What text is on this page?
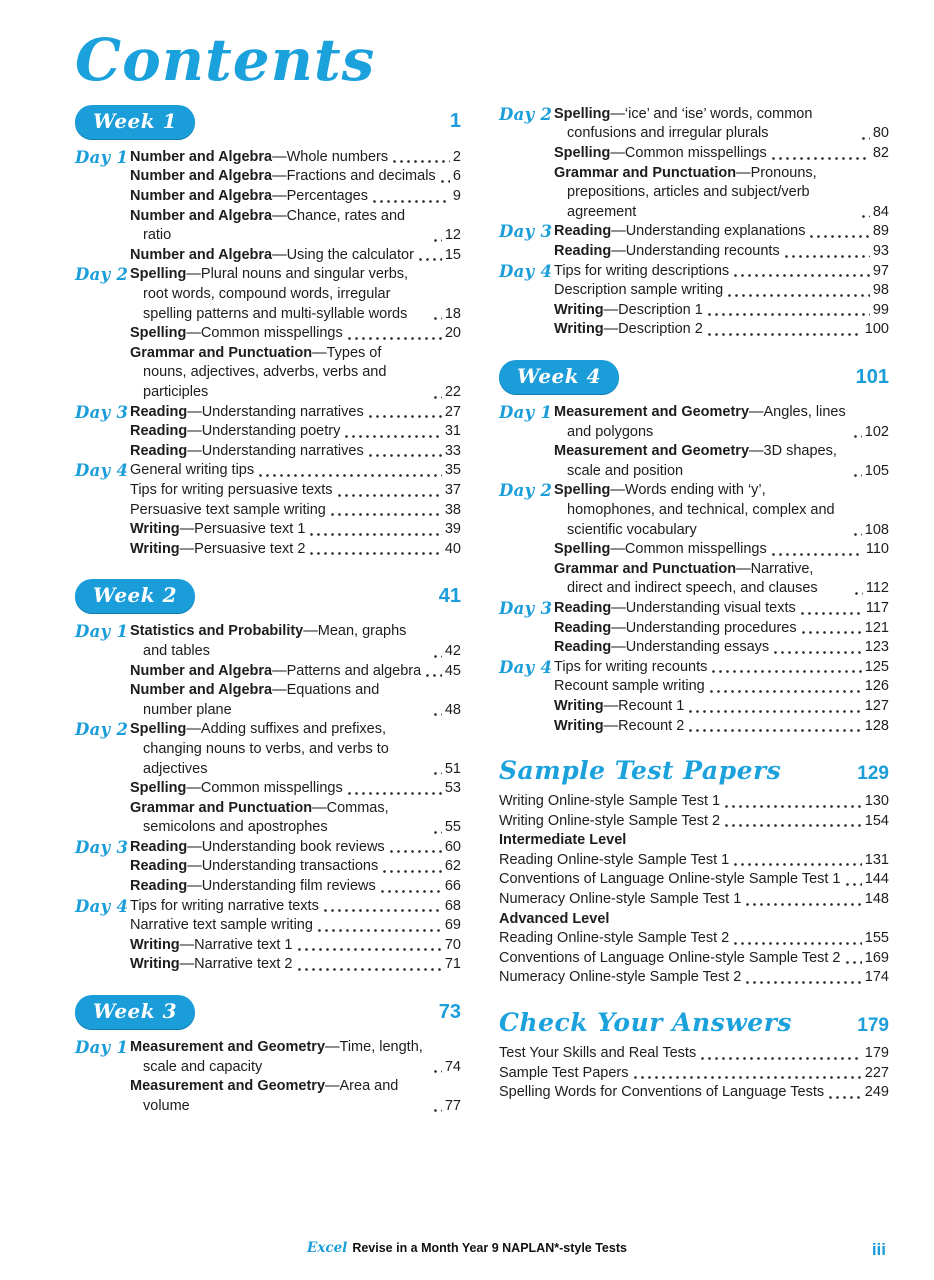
Contents
Week 1	1
Day 1 Number and Algebra—Whole numbers	2
Number and Algebra—Fractions and decimals 6
Number and Algebra—Percentages	9
Number and Algebra—Chance, rates and ratio	12
Number and Algebra—Using the calculator 15
Day 2 Spelling—Plural nouns and singular verbs, root words, compound words, irregular spelling patterns and multi-syllable words	18
Spelling—Common misspellings	20
Grammar and Punctuation—Types of nouns, adjectives, adverbs, verbs and participles	22
Day 3 Reading—Understanding narratives	27
Reading—Understanding poetry	31
Reading—Understanding narratives	33
Day 4 General writing tips	35
Tips for writing persuasive texts	37
Persuasive text sample writing	38
Writing—Persuasive text 1	39
Writing—Persuasive text 2	40
Week 2	41
Day 1 Statistics and Probability—Mean, graphs and tables	42
Number and Algebra—Patterns and algebra 45
Number and Algebra—Equations and number plane	48
Day 2 Spelling—Adding suffixes and prefixes, changing nouns to verbs, and verbs to adjectives	51
Spelling—Common misspellings	53
Grammar and Punctuation—Commas, semicolons and apostrophes	55
Day 3 Reading—Understanding book reviews	60
Reading—Understanding transactions	62
Reading—Understanding film reviews	66
Day 4 Tips for writing narrative texts	68
Narrative text sample writing	69
Writing—Narrative text 1	70
Writing—Narrative text 2	71
Week 3	73
Day 1 Measurement and Geometry—Time, length, scale and capacity	74
Measurement and Geometry—Area and volume	77
Day 2 Spelling—‘ice’ and ‘ise’ words, common confusions and irregular plurals	80
Spelling—Common misspellings	82
Grammar and Punctuation—Pronouns, prepositions, articles and subject/verb agreement	84
Day 3 Reading—Understanding explanations	89
Reading—Understanding recounts	93
Day 4 Tips for writing descriptions	97
Description sample writing	98
Writing—Description 1	99
Writing—Description 2	100
Week 4	101
Day 1 Measurement and Geometry—Angles, lines and polygons	102
Measurement and Geometry—3D shapes, scale and position	105
Day 2 Spelling—Words ending with ‘y’, homophones, and technical, complex and scientific vocabulary	108
Spelling—Common misspellings	110
Grammar and Punctuation—Narrative, direct and indirect speech, and clauses	112
Day 3 Reading—Understanding visual texts	117
Reading—Understanding procedures	121
Reading—Understanding essays	123
Day 4 Tips for writing recounts	125
Recount sample writing	126
Writing—Recount 1	127
Writing—Recount 2	128
Sample Test Papers	129
Writing Online-style Sample Test 1	130
Writing Online-style Sample Test 2	154
Intermediate Level
Reading Online-style Sample Test 1	131
Conventions of Language Online-style Sample Test 1 144
Numeracy Online-style Sample Test 1	148
Advanced Level
Reading Online-style Sample Test 2	155
Conventions of Language Online-style Sample Test 2 169
Numeracy Online-style Sample Test 2	174
Check Your Answers	179
Test Your Skills and Real Tests	179
Sample Test Papers	227
Spelling Words for Conventions of Language Tests	249
Excel Revise in a Month Year 9 NAPLAN*-style Tests	iii
